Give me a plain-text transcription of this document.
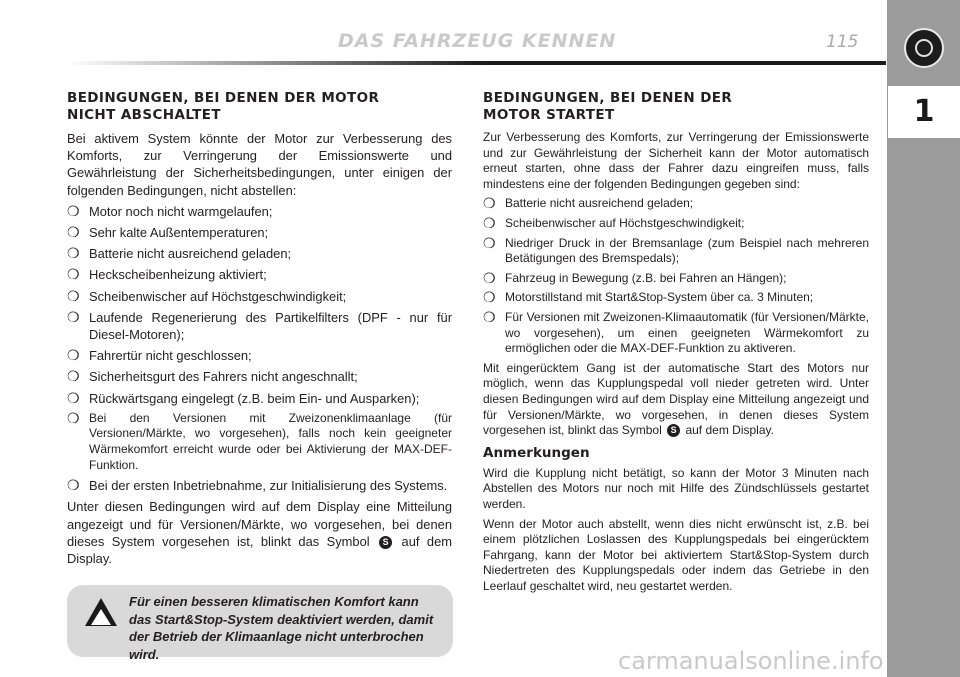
DAS FAHRZEUG KENNEN	115
1
BEDINGUNGEN, BEI DENEN DER MOTOR
NICHT ABSCHALTET

Bei aktivem System könnte der Motor zur Verbesserung des Komforts, zur Verringerung der Emissionswerte und Gewährleistung der Sicherheitsbedingungen, unter einigen der folgenden Bedingungen, nicht abstellen:

❍ Motor noch nicht warmgelaufen;
❍ Sehr kalte Außentemperaturen;
❍ Batterie nicht ausreichend geladen;
❍ Heckscheibenheizung aktiviert;
❍ Scheibenwischer auf Höchstgeschwindigkeit;
❍ Laufende Regenerierung des Partikelfilters (DPF - nur für Diesel-Motoren);
❍ Fahrertür nicht geschlossen;
❍ Sicherheitsgurt des Fahrers nicht angeschnallt;
❍ Rückwärtsgang eingelegt (z.B. beim Ein- und Ausparken);
❍ Bei den Versionen mit Zweizonenklimaanlage (für Versionen/Märkte, wo vorgesehen), falls noch kein geeigneter Wärmekomfort erreicht wurde oder bei Aktivierung der MAX-DEF-Funktion.
❍ Bei der ersten Inbetriebnahme, zur Initialisierung des Systems.

Unter diesen Bedingungen wird auf dem Display eine Mitteilung angezeigt und für Versionen/Märkte, wo vorgesehen, bei denen dieses System vorgesehen ist, blinkt das Symbol S auf dem Display.

Für einen besseren klimatischen Komfort kann das Start&Stop-System deaktiviert werden, damit der Betrieb der Klimaanlage nicht unterbrochen wird.
BEDINGUNGEN, BEI DENEN DER
MOTOR STARTET

Zur Verbesserung des Komforts, zur Verringerung der Emissionswerte und zur Gewährleistung der Sicherheit kann der Motor automatisch erneut starten, ohne dass der Fahrer dazu eingreifen muss, falls mindestens eine der folgenden Bedingungen gegeben sind:

❍ Batterie nicht ausreichend geladen;
❍ Scheibenwischer auf Höchstgeschwindigkeit;
❍ Niedriger Druck in der Bremsanlage (zum Beispiel nach mehreren Betätigungen des Bremspedals);
❍ Fahrzeug in Bewegung (z.B. bei Fahren an Hängen);
❍ Motorstillstand mit Start&Stop-System über ca. 3 Minuten;
❍ Für Versionen mit Zweizonen-Klimaautomatik (für Versionen/Märkte, wo vorgesehen), um einen geeigneten Wärmekomfort zu ermöglichen oder die MAX-DEF-Funktion zu aktiveren.

Mit eingerücktem Gang ist der automatische Start des Motors nur möglich, wenn das Kupplungspedal voll nieder getreten wird. Unter diesen Bedingungen wird auf dem Display eine Mitteilung angezeigt und für Versionen/Märkte, wo vorgesehen, in denen dieses System vorgesehen ist, blinkt das Symbol S auf dem Display.

Anmerkungen

Wird die Kupplung nicht betätigt, so kann der Motor 3 Minuten nach Abstellen des Motors nur noch mit Hilfe des Zündschlüssels gestartet werden.

Wenn der Motor auch abstellt, wenn dies nicht erwünscht ist, z.B. bei einem plötzlichen Loslassen des Kupplungspedals bei eingerücktem Fahrgang, kann der Motor bei aktiviertem Start&Stop-System durch Niedertreten des Kupplungspedals oder indem das Getriebe in den Leerlauf geschaltet wird, neu gestartet werden.

carmanualsonline.info
